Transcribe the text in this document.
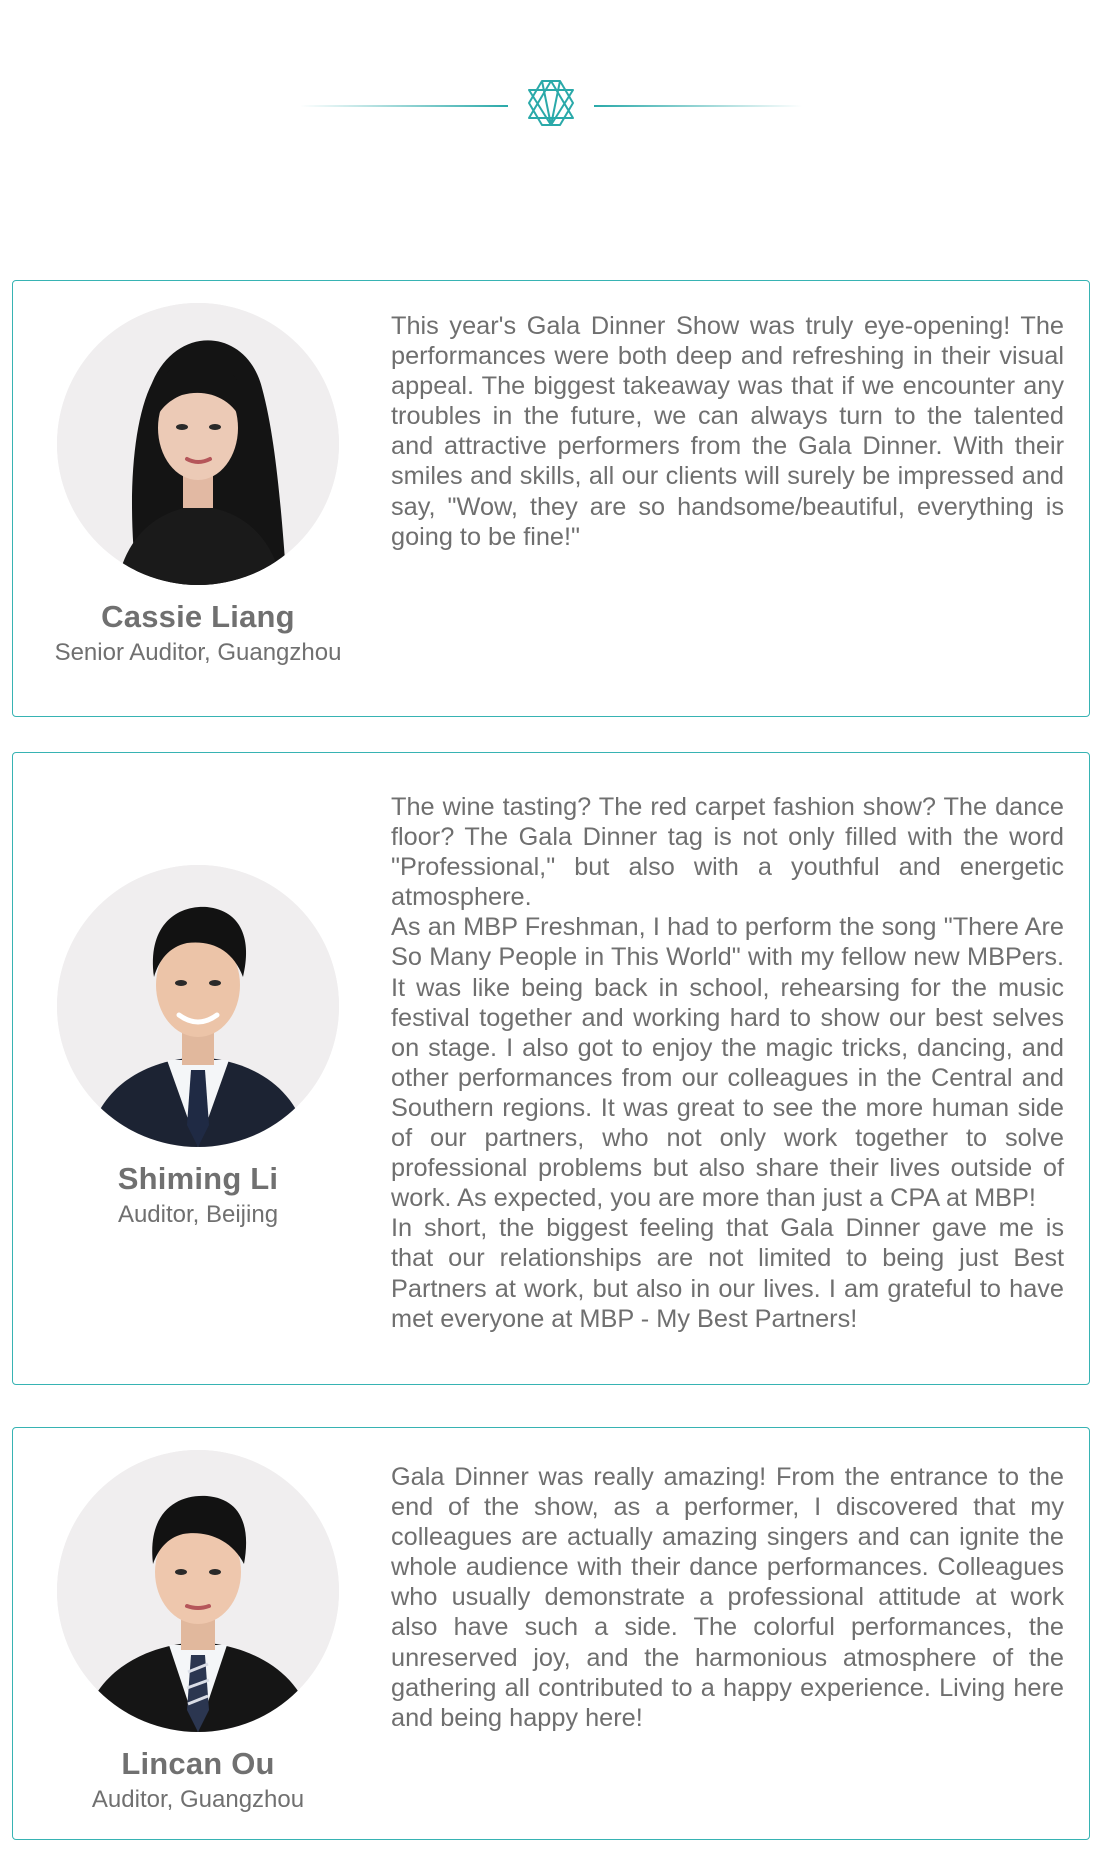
Cassie Liang
Senior Auditor, Guangzhou

This year's Gala Dinner Show was truly eye-opening! The performances were both deep and refreshing in their visual appeal. The biggest takeaway was that if we encounter any troubles in the future, we can always turn to the talented and attractive performers from the Gala Dinner. With their smiles and skills, all our clients will surely be impressed and say, "Wow, they are so handsome/beautiful, everything is going to be fine!"

Shiming Li
Auditor, Beijing

The wine tasting? The red carpet fashion show? The dance floor? The Gala Dinner tag is not only filled with the word "Professional," but also with a youthful and energetic atmosphere.

As an MBP Freshman, I had to perform the song "There Are So Many People in This World" with my fellow new MBPers. It was like being back in school, rehearsing for the music festival together and working hard to show our best selves on stage. I also got to enjoy the magic tricks, dancing, and other performances from our colleagues in the Central and Southern regions. It was great to see the more human side of our partners, who not only work together to solve professional problems but also share their lives outside of work. As expected, you are more than just a CPA at MBP!

In short, the biggest feeling that Gala Dinner gave me is that our relationships are not limited to being just Best Partners at work, but also in our lives. I am grateful to have met everyone at MBP - My Best Partners!

Lincan Ou
Auditor, Guangzhou

Gala Dinner was really amazing! From the entrance to the end of the show, as a performer, I discovered that my colleagues are actually amazing singers and can ignite the whole audience with their dance performances. Colleagues who usually demonstrate a professional attitude at work also have such a side. The colorful performances, the unreserved joy, and the harmonious atmosphere of the gathering all contributed to a happy experience. Living here and being happy here!
